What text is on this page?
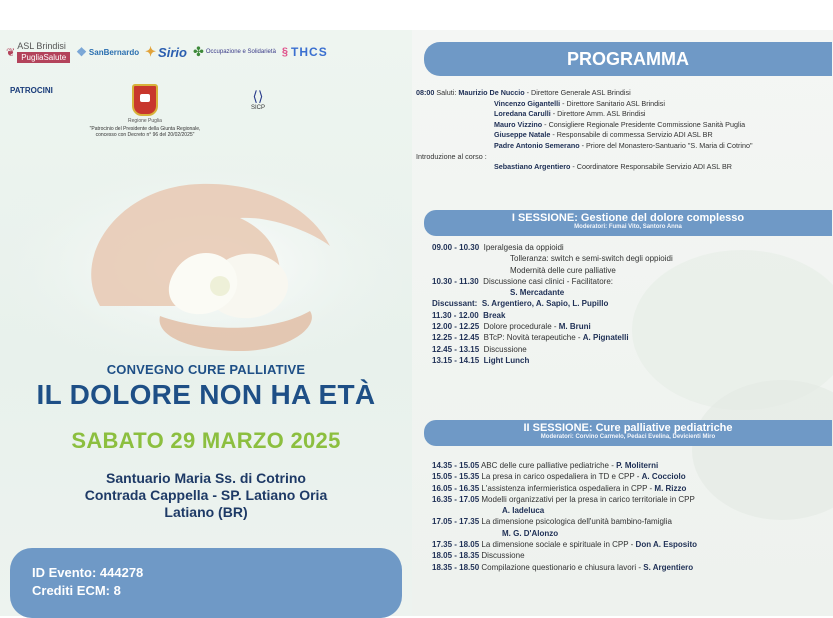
❦
ASL Brindisi
PugliaSalute ❖ SanBernardo ✦ Sirio ✤ Occupazione e Solidarietà § THCS
PATROCINI
Regione Puglia
"Patrocinio del Presidente della Giunta Regionale, concesso con Decreto n° 96 del 20/02/2025"
⟨⟩
SICP
CONVEGNO CURE PALLIATIVE
IL DOLORE NON HA ETÀ
SABATO 29 MARZO 2025
Santuario Maria Ss. di Cotrino
Contrada Cappella - SP. Latiano Oria
Latiano (BR)
ID Evento: 444278
Crediti ECM: 8
PROGRAMMA
08:00 Saluti: Maurizio De Nuccio - Direttore Generale ASL Brindisi
Vincenzo Gigantelli - Direttore Sanitario ASL Brindisi
Loredana Carulli - Direttore Amm. ASL Brindisi
Mauro Vizzino - Consigliere Regionale Presidente Commissione Sanità Puglia
Giuseppe Natale - Responsabile di commessa Servizio ADI ASL BR
Padre Antonio Semerano - Priore del Monastero-Santuario "S. Maria di Cotrino"
Introduzione al corso :
Sebastiano Argentiero - Coordinatore Responsabile Servizio ADI ASL BR
I SESSIONE: Gestione del dolore complesso
Moderatori: Fumai Vito, Santoro Anna
09.00 - 10.30 Iperalgesia da oppioidi
Tolleranza: switch e semi-switch degli oppioidi
Modernità delle cure palliative
10.30 - 11.30 Discussione casi clinici - Facilitatore:
S. Mercadante
Discussant: S. Argentiero, A. Sapio, L. Pupillo
11.30 - 12.00 Break
12.00 - 12.25 Dolore procedurale - M. Bruni
12.25 - 12.45 BTcP: Novità terapeutiche - A. Pignatelli
12.45 - 13.15 Discussione
13.15 - 14.15 Light Lunch
II SESSIONE: Cure palliative pediatriche
Moderatori: Corvino Carmelo, Pedaci Evelina, Devicienti Miro
14.35 - 15.05 ABC delle cure palliative pediatriche - P. Moliterni
15.05 - 15.35 La presa in carico ospedaliera in TD e CPP - A. Cocciolo
16.05 - 16.35 L'assistenza infermieristica ospedaliera in CPP - M. Rizzo
16.35 - 17.05 Modelli organizzativi per la presa in carico territoriale in CPP
A. Iadeluca
17.05 - 17.35 La dimensione psicologica dell'unità bambino-famiglia
M. G. D'Alonzo
17.35 - 18.05 La dimensione sociale e spirituale in CPP - Don A. Esposito
18.05 - 18.35 Discussione
18.35 - 18.50 Compilazione questionario e chiusura lavori - S. Argentiero
